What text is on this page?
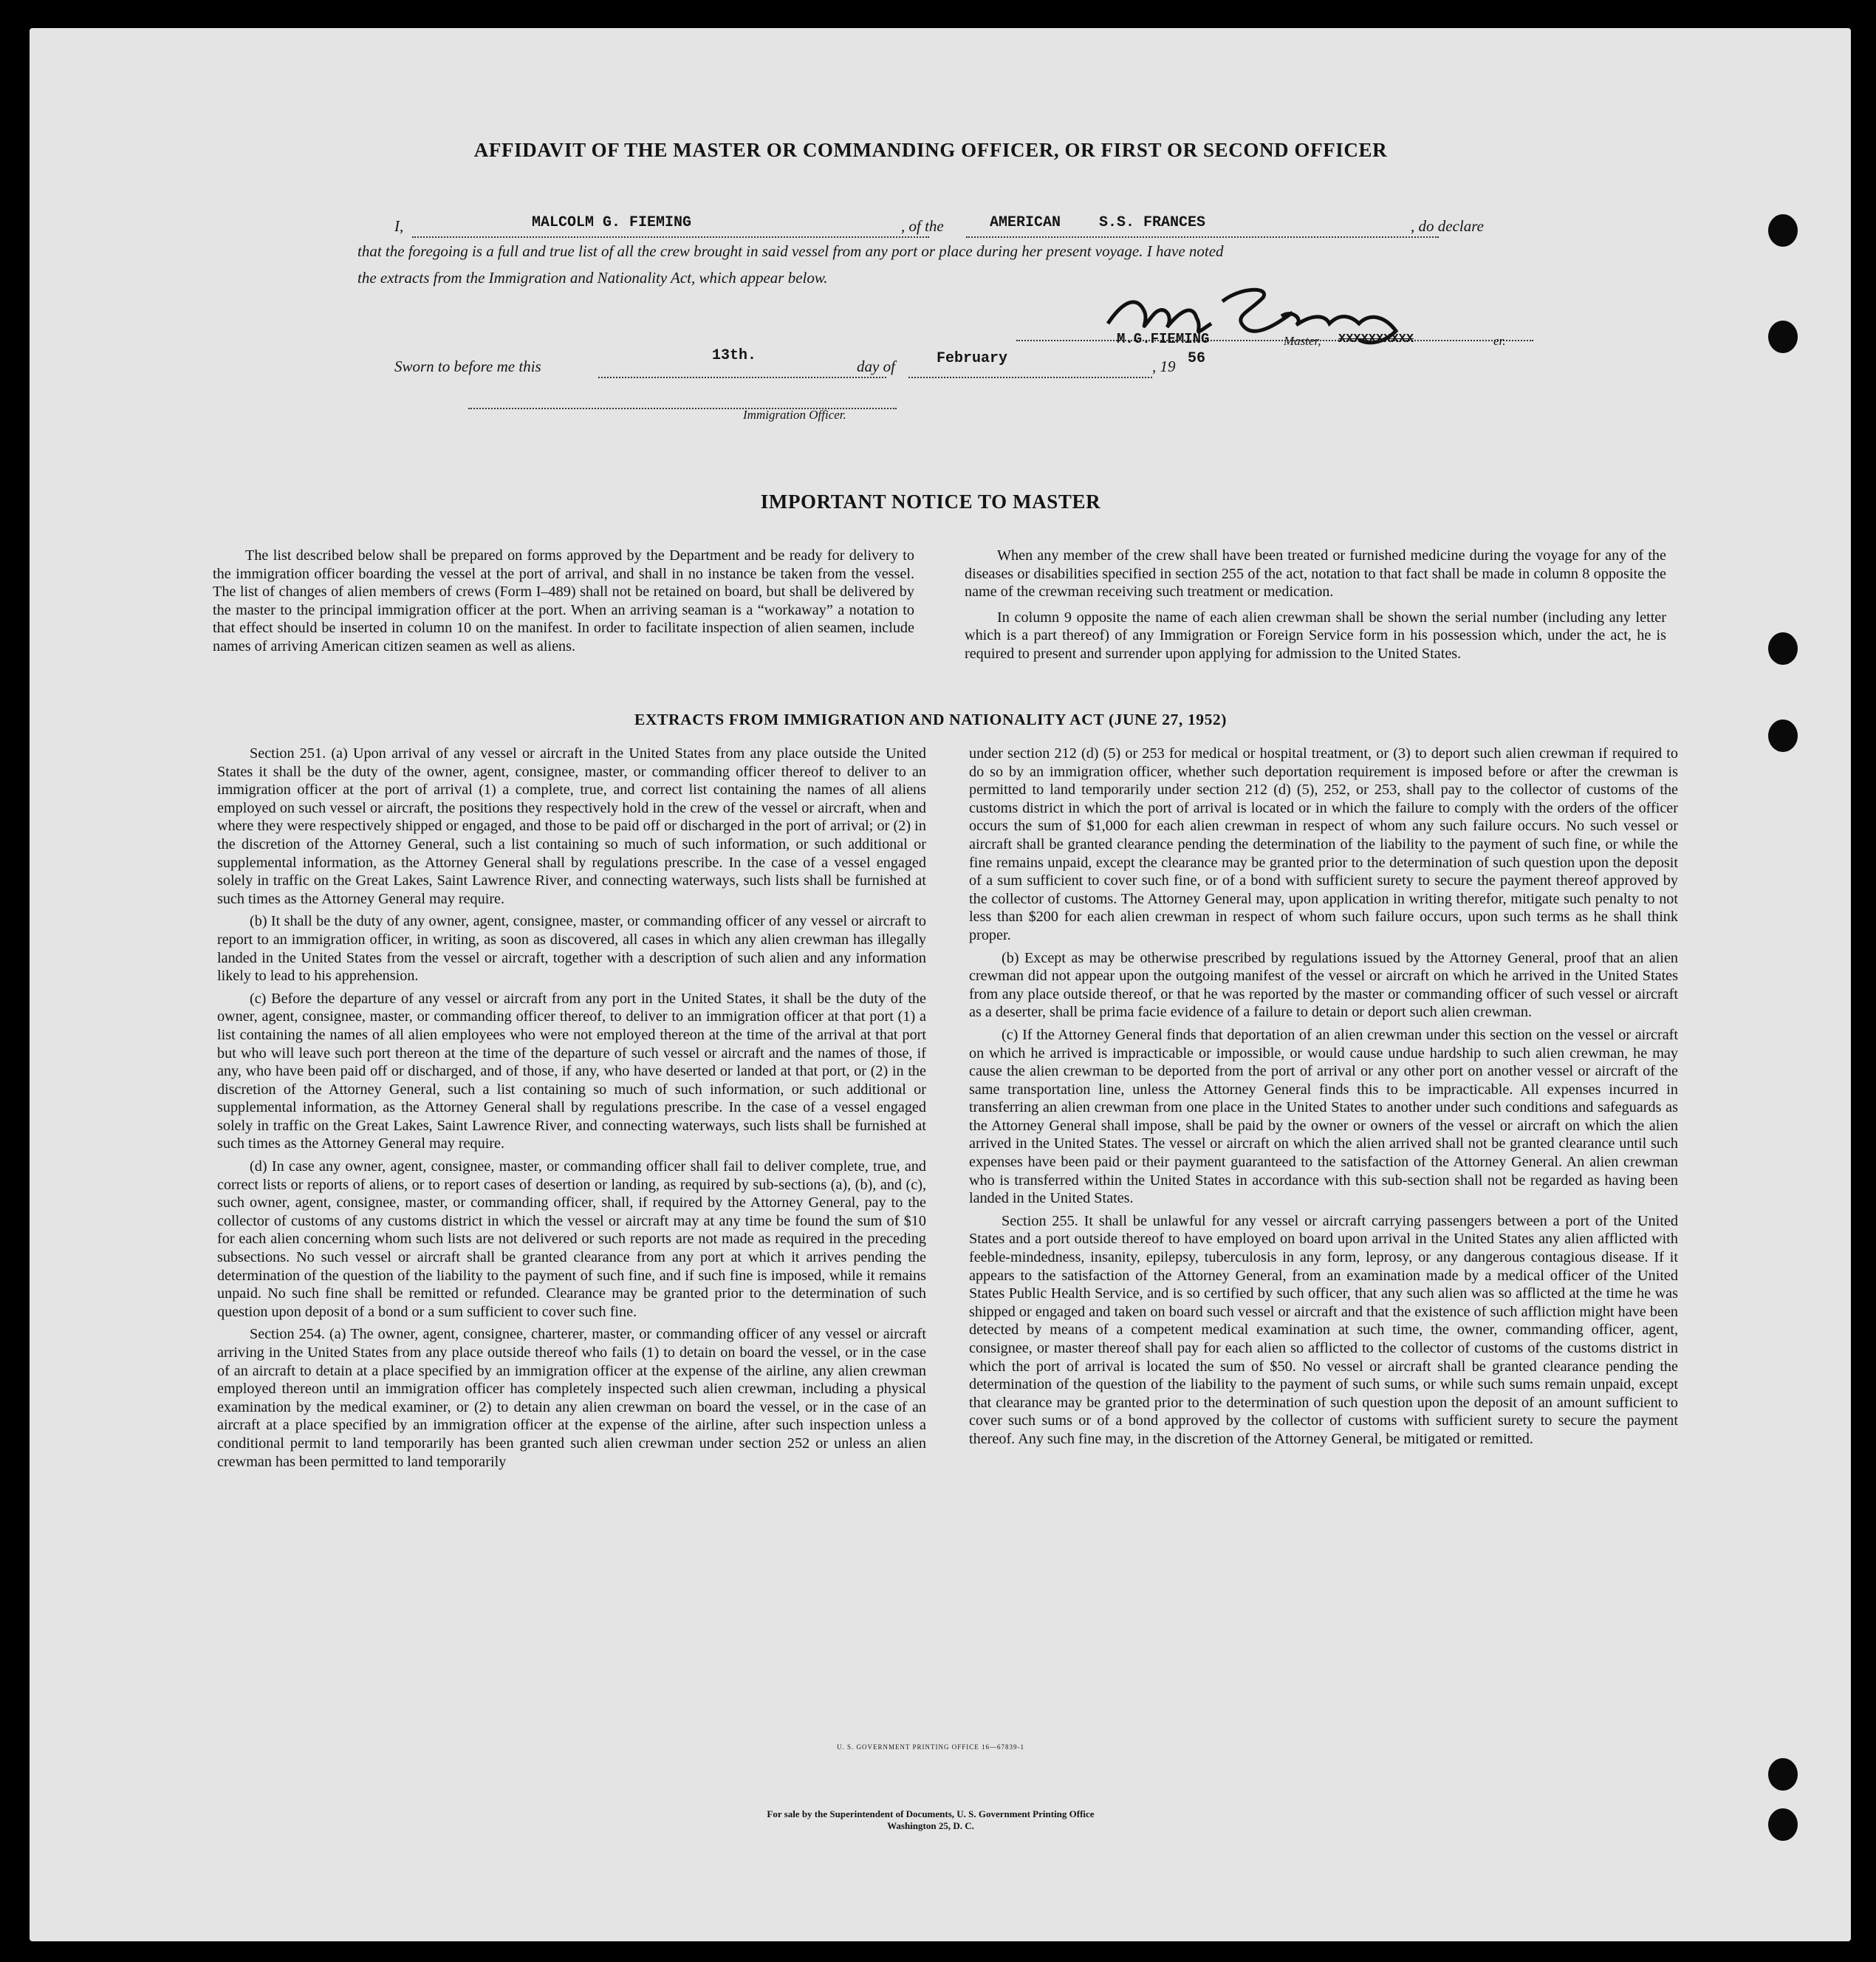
AFFIDAVIT OF THE MASTER OR COMMANDING OFFICER, OR FIRST OR SECOND OFFICER
I,	MALCOLM G. FIEMING	, of the	AMERICAN	S.S. FRANCES	, do declare
that the foregoing is a full and true list of all the crew brought in said vessel from any port or place during her present voyage. I have noted
the extracts from the Immigration and Nationality Act, which appear below.
M.G.FIEMING	Master, XXXXXXXXXX	er.
Sworn to before me this
13th.
day of	February	, 19 56
Immigration Officer.
IMPORTANT NOTICE TO MASTER

The list described below shall be prepared on forms approved by the Department and be ready for delivery to the immigration officer boarding the vessel at the port of arrival, and shall in no instance be taken from the vessel. The list of changes of alien members of crews (Form I–489) shall not be retained on board, but shall be delivered by the master to the principal immigration officer at the port. When an arriving seaman is a “workaway” a notation to that effect should be inserted in column 10 on the manifest. In order to facilitate inspection of alien seamen, include names of arriving American citizen seamen as well as aliens.

When any member of the crew shall have been treated or furnished medicine during the voyage for any of the diseases or disabilities specified in section 255 of the act, notation to that fact shall be made in column 8 opposite the name of the crewman receiving such treatment or medication.

In column 9 opposite the name of each alien crewman shall be shown the serial number (including any letter which is a part thereof) of any Immigration or Foreign Service form in his possession which, under the act, he is required to present and surrender upon applying for admission to the United States.

EXTRACTS FROM IMMIGRATION AND NATIONALITY ACT (JUNE 27, 1952)

Section 251. (a) Upon arrival of any vessel or aircraft in the United States from any place outside the United States it shall be the duty of the owner, agent, consignee, master, or commanding officer thereof to deliver to an immigration officer at the port of arrival (1) a complete, true, and correct list containing the names of all aliens employed on such vessel or aircraft, the positions they respectively hold in the crew of the vessel or aircraft, when and where they were respectively shipped or engaged, and those to be paid off or discharged in the port of arrival; or (2) in the discretion of the Attorney General, such a list containing so much of such information, or such additional or supplemental information, as the Attorney General shall by regulations prescribe. In the case of a vessel engaged solely in traffic on the Great Lakes, Saint Lawrence River, and connecting waterways, such lists shall be furnished at such times as the Attorney General may require.

(b) It shall be the duty of any owner, agent, consignee, master, or commanding officer of any vessel or aircraft to report to an immigration officer, in writing, as soon as discovered, all cases in which any alien crewman has illegally landed in the United States from the vessel or aircraft, together with a description of such alien and any information likely to lead to his apprehension.

(c) Before the departure of any vessel or aircraft from any port in the United States, it shall be the duty of the owner, agent, consignee, master, or commanding officer thereof, to deliver to an immigration officer at that port (1) a list containing the names of all alien employees who were not employed thereon at the time of the arrival at that port but who will leave such port thereon at the time of the departure of such vessel or aircraft and the names of those, if any, who have been paid off or discharged, and of those, if any, who have deserted or landed at that port, or (2) in the discretion of the Attorney General, such a list containing so much of such information, or such additional or supplemental information, as the Attorney General shall by regulations prescribe. In the case of a vessel engaged solely in traffic on the Great Lakes, Saint Lawrence River, and connecting waterways, such lists shall be furnished at such times as the Attorney General may require.

(d) In case any owner, agent, consignee, master, or commanding officer shall fail to deliver complete, true, and correct lists or reports of aliens, or to report cases of desertion or landing, as required by sub-sections (a), (b), and (c), such owner, agent, consignee, master, or commanding officer, shall, if required by the Attorney General, pay to the collector of customs of any customs district in which the vessel or aircraft may at any time be found the sum of $10 for each alien concerning whom such lists are not delivered or such reports are not made as required in the preceding subsections. No such vessel or aircraft shall be granted clearance from any port at which it arrives pending the determination of the question of the liability to the payment of such fine, and if such fine is imposed, while it remains unpaid. No such fine shall be remitted or refunded. Clearance may be granted prior to the determination of such question upon deposit of a bond or a sum sufficient to cover such fine.

Section 254. (a) The owner, agent, consignee, charterer, master, or commanding officer of any vessel or aircraft arriving in the United States from any place outside thereof who fails (1) to detain on board the vessel, or in the case of an aircraft to detain at a place specified by an immigration officer at the expense of the airline, any alien crewman employed thereon until an immigration officer has completely inspected such alien crewman, including a physical examination by the medical examiner, or (2) to detain any alien crewman on board the vessel, or in the case of an aircraft at a place specified by an immigration officer at the expense of the airline, after such inspection unless a conditional permit to land temporarily has been granted such alien crewman under section 252 or unless an alien crewman has been permitted to land temporarily

under section 212 (d) (5) or 253 for medical or hospital treatment, or (3) to deport such alien crewman if required to do so by an immigration officer, whether such deportation requirement is imposed before or after the crewman is permitted to land temporarily under section 212 (d) (5), 252, or 253, shall pay to the collector of customs of the customs district in which the port of arrival is located or in which the failure to comply with the orders of the officer occurs the sum of $1,000 for each alien crewman in respect of whom any such failure occurs. No such vessel or aircraft shall be granted clearance pending the determination of the liability to the payment of such fine, or while the fine remains unpaid, except the clearance may be granted prior to the determination of such question upon the deposit of a sum sufficient to cover such fine, or of a bond with sufficient surety to secure the payment thereof approved by the collector of customs. The Attorney General may, upon application in writing therefor, mitigate such penalty to not less than $200 for each alien crewman in respect of whom such failure occurs, upon such terms as he shall think proper.

(b) Except as may be otherwise prescribed by regulations issued by the Attorney General, proof that an alien crewman did not appear upon the outgoing manifest of the vessel or aircraft on which he arrived in the United States from any place outside thereof, or that he was reported by the master or commanding officer of such vessel or aircraft as a deserter, shall be prima facie evidence of a failure to detain or deport such alien crewman.

(c) If the Attorney General finds that deportation of an alien crewman under this section on the vessel or aircraft on which he arrived is impracticable or impossible, or would cause undue hardship to such alien crewman, he may cause the alien crewman to be deported from the port of arrival or any other port on another vessel or aircraft of the same transportation line, unless the Attorney General finds this to be impracticable. All expenses incurred in transferring an alien crewman from one place in the United States to another under such conditions and safeguards as the Attorney General shall impose, shall be paid by the owner or owners of the vessel or aircraft on which the alien arrived in the United States. The vessel or aircraft on which the alien arrived shall not be granted clearance until such expenses have been paid or their payment guaranteed to the satisfaction of the Attorney General. An alien crewman who is transferred within the United States in accordance with this sub-section shall not be regarded as having been landed in the United States.

Section 255. It shall be unlawful for any vessel or aircraft carrying passengers between a port of the United States and a port outside thereof to have employed on board upon arrival in the United States any alien afflicted with feeble-mindedness, insanity, epilepsy, tuberculosis in any form, leprosy, or any dangerous contagious disease. If it appears to the satisfaction of the Attorney General, from an examination made by a medical officer of the United States Public Health Service, and is so certified by such officer, that any such alien was so afflicted at the time he was shipped or engaged and taken on board such vessel or aircraft and that the existence of such affliction might have been detected by means of a competent medical examination at such time, the owner, commanding officer, agent, consignee, or master thereof shall pay for each alien so afflicted to the collector of customs of the customs district in which the port of arrival is located the sum of $50. No vessel or aircraft shall be granted clearance pending the determination of the question of the liability to the payment of such sums, or while such sums remain unpaid, except that clearance may be granted prior to the determination of such question upon the deposit of an amount sufficient to cover such sums or of a bond approved by the collector of customs with sufficient surety to secure the payment thereof. Any such fine may, in the discretion of the Attorney General, be mitigated or remitted.

U. S. GOVERNMENT PRINTING OFFICE 16—67839-1
For sale by the Superintendent of Documents, U. S. Government Printing Office
Washington 25, D. C.
